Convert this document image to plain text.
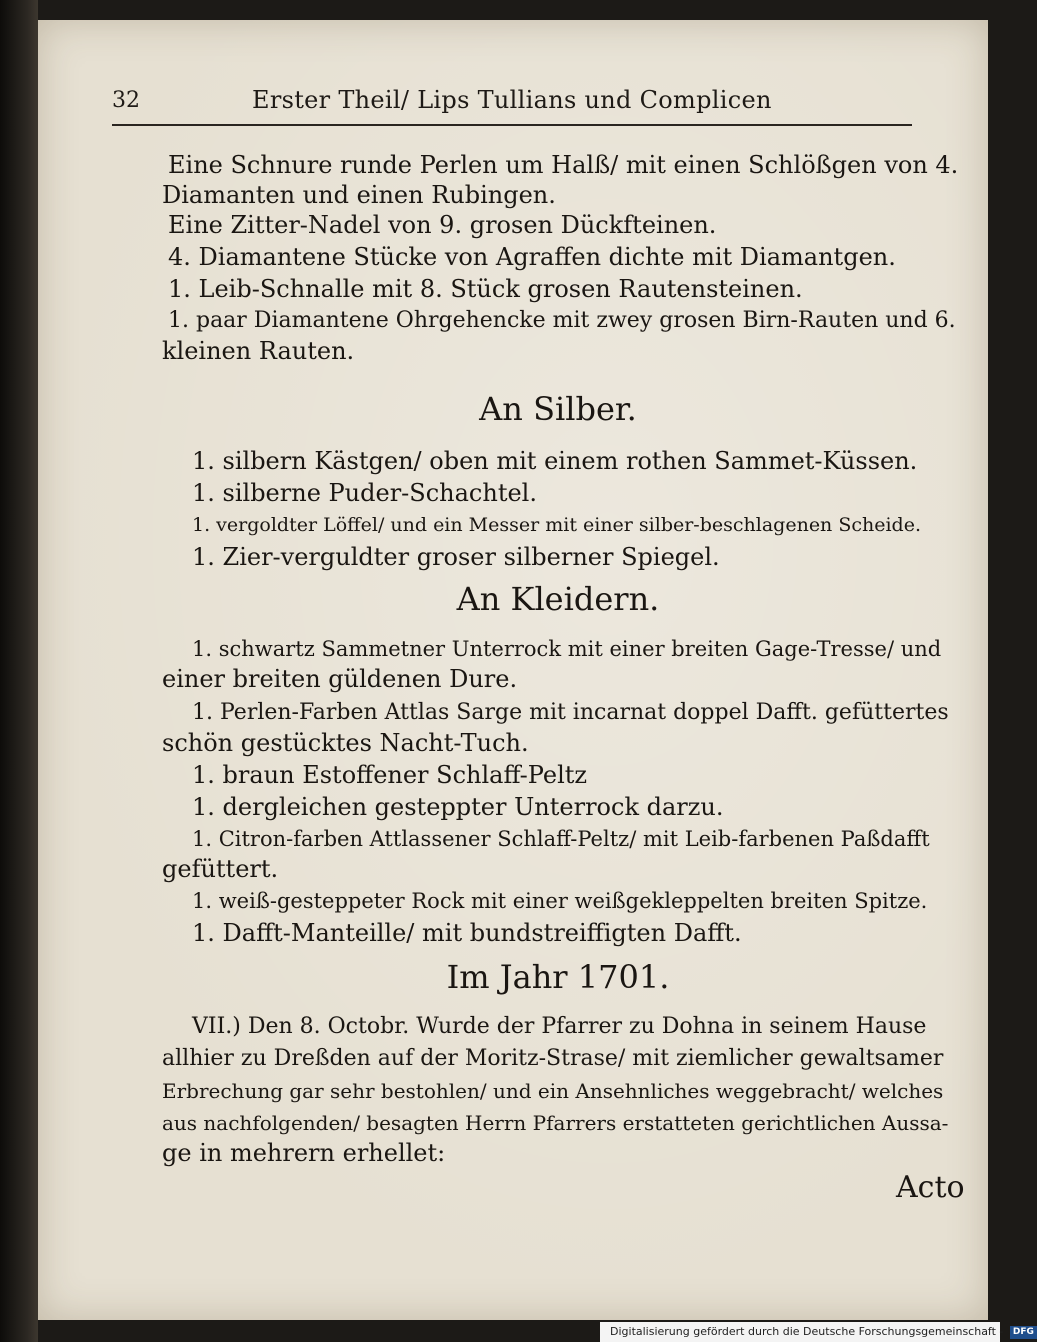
32	Erster Theil/ Lips Tullians und Complicen
Eine Schnure runde Perlen um Halß/ mit einen Schlößgen von 4.
Diamanten und einen Rubingen.
Eine Zitter-Nadel von 9. grosen Dückfteinen.
4. Diamantene Stücke von Agraffen dichte mit Diamantgen.
1. Leib-Schnalle mit 8. Stück grosen Rautensteinen.
1. paar Diamantene Ohrgehencke mit zwey grosen Birn-Rauten und 6.
kleinen Rauten.
An Silber.
1. silbern Kästgen/ oben mit einem rothen Sammet-Küssen.
1. silberne Puder-Schachtel.
1. vergoldter Löffel/ und ein Messer mit einer silber-beschlagenen Scheide.
1. Zier-verguldter groser silberner Spiegel.
An Kleidern.
1. schwartz Sammetner Unterrock mit einer breiten Gage-Tresse/ und
einer breiten güldenen Dure.
1. Perlen-Farben Attlas Sarge mit incarnat doppel Dafft. gefüttertes
schön gestücktes Nacht-Tuch.
1. braun Estoffener Schlaff-Peltz
1. dergleichen gesteppter Unterrock darzu.
1. Citron-farben Attlassener Schlaff-Peltz/ mit Leib-farbenen Paßdafft
gefüttert.
1. weiß-gesteppeter Rock mit einer weißgekleppelten breiten Spitze.
1. Dafft-Manteille/ mit bundstreiffigten Dafft.
Im Jahr 1701.
VII.) Den 8. Octobr. Wurde der Pfarrer zu Dohna in seinem Hause
allhier zu Dreßden auf der Moritz-Strase/ mit ziemlicher gewaltsamer
Erbrechung gar sehr bestohlen/ und ein Ansehnliches weggebracht/ welches
aus nachfolgenden/ besagten Herrn Pfarrers erstatteten gerichtlichen Aussa-
ge in mehrern erhellet:
Acto
Digitalisierung gefördert durch die Deutsche Forschungsgemeinschaft - DFG
